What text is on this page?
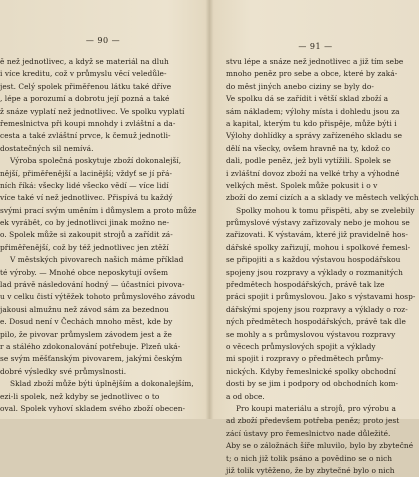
— 90 —
ě než jednotlivec, a když se materiál na dluh
i více kreditu, což v průmyslu věcí veledůle-
jest. Celý spolek přiměřenou látku také dříve
, lépe a porozumí a dobrotu její pozná a také
ž snáze vyplatí než jednotlivec. Ve spolku vyplatí
řemeslnictva při koupi mnohdy i zvláštní a da-
cesta a také zvláštní prvce, k čemuž jednotli-
dostatečných sil nemívá.
Výroba společná poskytuje zboží dokonalejší,
nější, přiměřenější a lacinější; vždyť se jí přá-
ních říká: všecky lidé všecko vědí — více lidí
více také ví než jednotlivec. Přispívá tu každý
svými prací svým uměním i důmyslem a proto může
ek vyrábět, co by jednotlivci jinak možno ne-
o. Spolek může si zakoupit strojů a zařídit zá-
přiměřenější, což by též jednotlivec jen ztěží
V městských pivovarech našich máme příklad
té výroby. — Mnohé obce neposkytují ovšem
lad právě následování hodný — účastníci pivova-
u v celku čistí výtěžek tohoto průmyslového závodu
jakousi almužnu než závod sám za bezednou
e. Dosud není v Čechách mnoho měst, kde by
pilo, že pivovar průmyslem závodem jest a že
r a stálého zdokonalování potřebuje. Plzeň uká-
se svým měšťanským pivovarem, jakými českým
dobré výsledky své průmyslnosti.
Sklad zboží může býti úplnějším a dokonalejším,
ezi-li spolek, než kdyby se jednotlivec o to
oval. Spolek vyhoví skladem svého zboží obecen-
— 91 —
stvu lépe a snáze než jednotlivec a již tím sebe
mnoho peněz pro sebe a obce, které by zaká-
do měst jiných anebo ciziny se byly do-
Ve spolku dá se zařídit i větší sklad zboží a
sám nákladem; výlohy místa i dohledu jsou za
a kapital, kterým tu kdo přispěje, může býti i
Výlohy dohlídky a správy zařízeného skladu se
dělí na všecky, ovšem hravně na ty, kdož co
dali, podle peněz, jež byli vytížili. Spolek se
i zvláštní dovoz zboží na velké trhy a výhodné
velkých měst. Spolek může pokusit i o v
zboží do zemí cizích a a sklady ve městech velkých
Spolky mohou k tomu přispěti, aby se zvelebily
průmyslové výstavy zařizovaly nebo je mohou se
zařizovati. K výstavám, které již pravidelně hos-
dářské spolky zařizují, mohou i spolkové řemesl-
se připojiti a s každou výstavou hospodářskou
spojeny jsou rozpravy a výklady o rozmanitých
předmětech hospodářských, právě tak lze
práci spojit i průmyslovou. Jako s výstavami hosp-
dářskými spojeny jsou rozpravy a výklady o roz-
ných předmětech hospodářských, právě tak dle
se mohly a s průmyslovou výstavou rozpravy
o věcech průmyslových spojit a výklady
mi spojit i rozpravy o předmětech průmy-
nických. Kdyby řemeslnické spolky obchodní
dosti by se jim i podpory od obchodních kom-
a od obce.
Pro koupi materiálu a strojů, pro výrobu a
ad zboží předevšem potřeba peněz; proto jest
zácí ústavy pro řemeslnictvo nade důležité.
Aby se o záložnách šíře mluvilo, bylo by zbytečné
t; o nich již tolik psáno a povědino se o nich
již tolik vytěženo, že by zbytečné bylo o nich
